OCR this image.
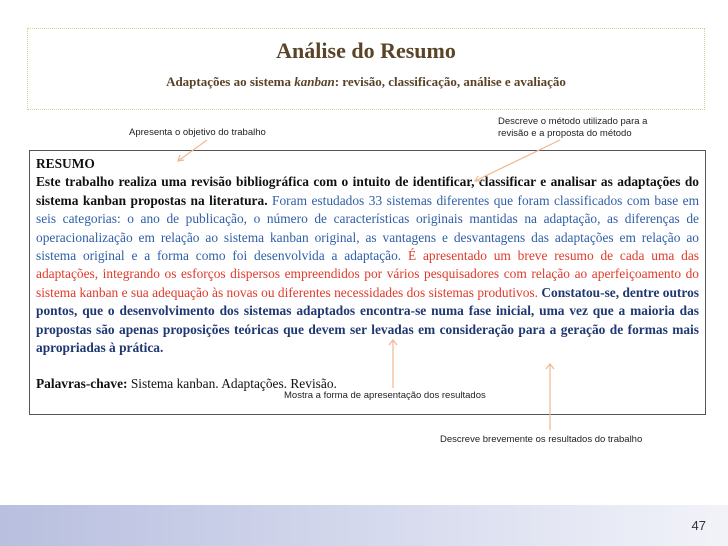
Análise do Resumo
Adaptações ao sistema kanban: revisão, classificação, análise e avaliação
Apresenta o objetivo do trabalho
Descreve o método utilizado para a
revisão e a proposta do método
RESUMO
Este trabalho realiza uma revisão bibliográfica com o intuito de identificar, classificar e analisar as adaptações do sistema kanban propostas na literatura. Foram estudados 33 sistemas diferentes que foram classificados com base em seis categorias: o ano de publicação, o número de características originais mantidas na adaptação, as diferenças de operacionalização em relação ao sistema kanban original, as vantagens e desvantagens das adaptações em relação ao sistema original e a forma como foi desenvolvida a adaptação. É apresentado um breve resumo de cada uma das adaptações, integrando os esforços dispersos empreendidos por vários pesquisadores com relação ao aperfeiçoamento do sistema kanban e sua adequação às novas ou diferentes necessidades dos sistemas produtivos. Constatou-se, dentre outros pontos, que o desenvolvimento dos sistemas adaptados encontra-se numa fase inicial, uma vez que a maioria das propostas são apenas proposições teóricas que devem ser levadas em consideração para a geração de formas mais apropriadas à prática.
Palavras-chave: Sistema kanban. Adaptações. Revisão.
Mostra a forma de apresentação dos resultados
Descreve brevemente os resultados do trabalho
47
